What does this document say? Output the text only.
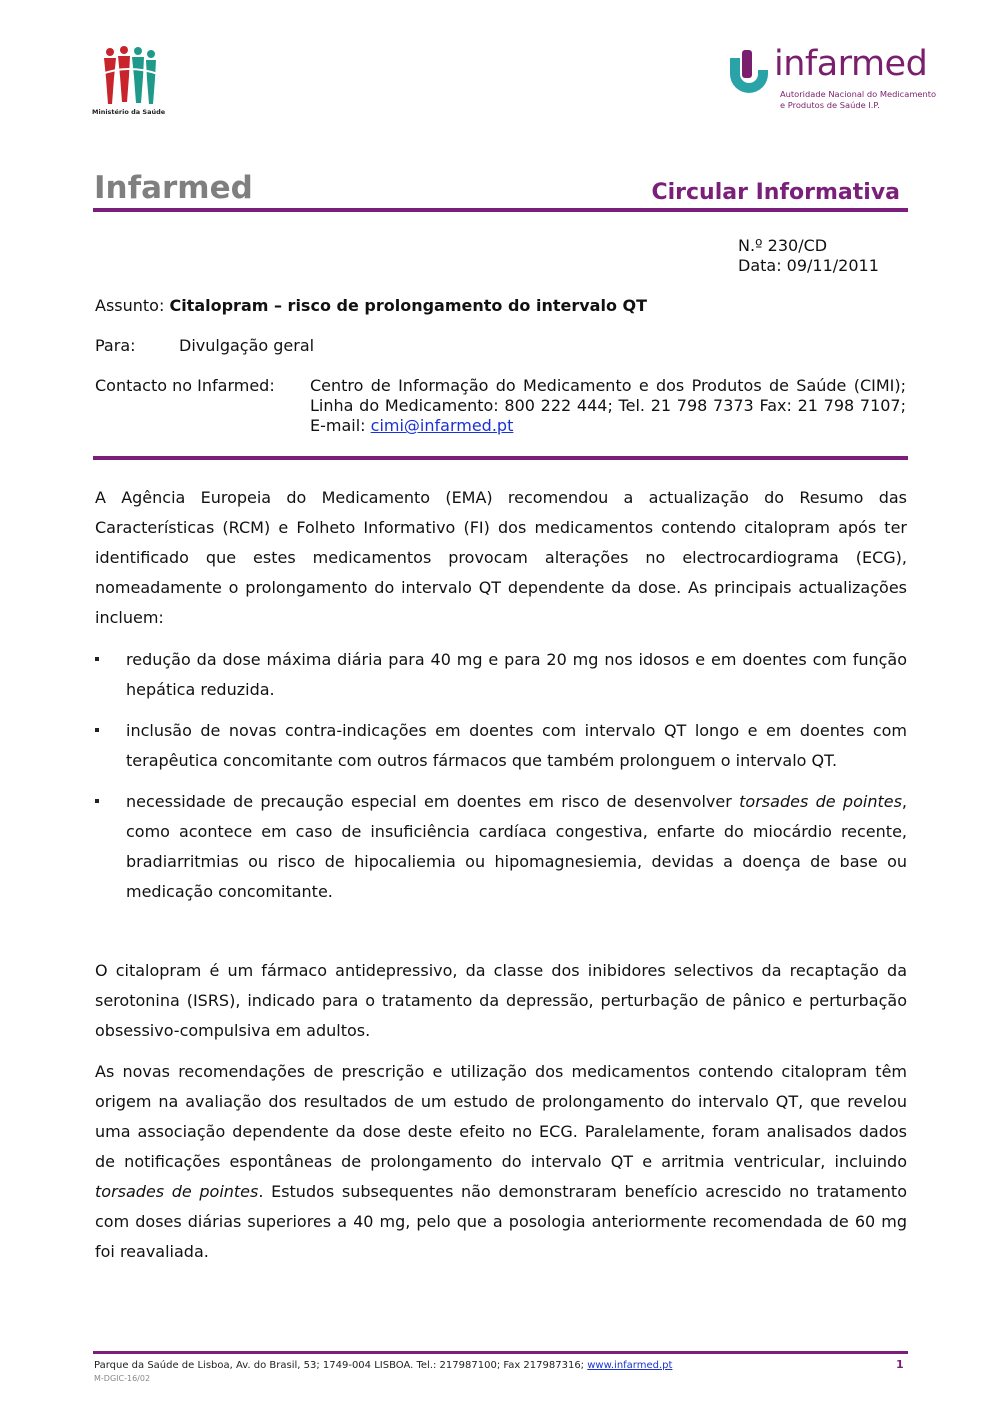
Ministério da Saúde
infarmed
Autoridade Nacional do Medicamento
e Produtos de Saúde I.P.
Infarmed	Circular Informativa
N.º 230/CD
Data: 09/11/2011
Assunto: Citalopram – risco de prolongamento do intervalo QT
Para:	Divulgação geral
Contacto no Infarmed: Centro de Informação do Medicamento e dos Produtos de Saúde (CIMI); Linha do Medicamento: 800 222 444; Tel. 21 798 7373 Fax: 21 798 7107; E-mail: cimi@infarmed.pt
A Agência Europeia do Medicamento (EMA) recomendou a actualização do Resumo das Características (RCM) e Folheto Informativo (FI) dos medicamentos contendo citalopram após ter identificado que estes medicamentos provocam alterações no electrocardiograma (ECG), nomeadamente o prolongamento do intervalo QT dependente da dose. As principais actualizações incluem:
redução da dose máxima diária para 40 mg e para 20 mg nos idosos e em doentes com função hepática reduzida.
inclusão de novas contra-indicações em doentes com intervalo QT longo e em doentes com terapêutica concomitante com outros fármacos que também prolonguem o intervalo QT.
necessidade de precaução especial em doentes em risco de desenvolver torsades de pointes, como acontece em caso de insuficiência cardíaca congestiva, enfarte do miocárdio recente, bradiarritmias ou risco de hipocaliemia ou hipomagnesiemia, devidas a doença de base ou medicação concomitante.
O citalopram é um fármaco antidepressivo, da classe dos inibidores selectivos da recaptação da serotonina (ISRS), indicado para o tratamento da depressão, perturbação de pânico e perturbação obsessivo-compulsiva em adultos.
As novas recomendações de prescrição e utilização dos medicamentos contendo citalopram têm origem na avaliação dos resultados de um estudo de prolongamento do intervalo QT, que revelou uma associação dependente da dose deste efeito no ECG. Paralelamente, foram analisados dados de notificações espontâneas de prolongamento do intervalo QT e arritmia ventricular, incluindo torsades de pointes. Estudos subsequentes não demonstraram benefício acrescido no tratamento com doses diárias superiores a 40 mg, pelo que a posologia anteriormente recomendada de 60 mg foi reavaliada.
Parque da Saúde de Lisboa, Av. do Brasil, 53; 1749-004 LISBOA. Tel.: 217987100; Fax 217987316; www.infarmed.pt
M-DGIC-16/02
1
